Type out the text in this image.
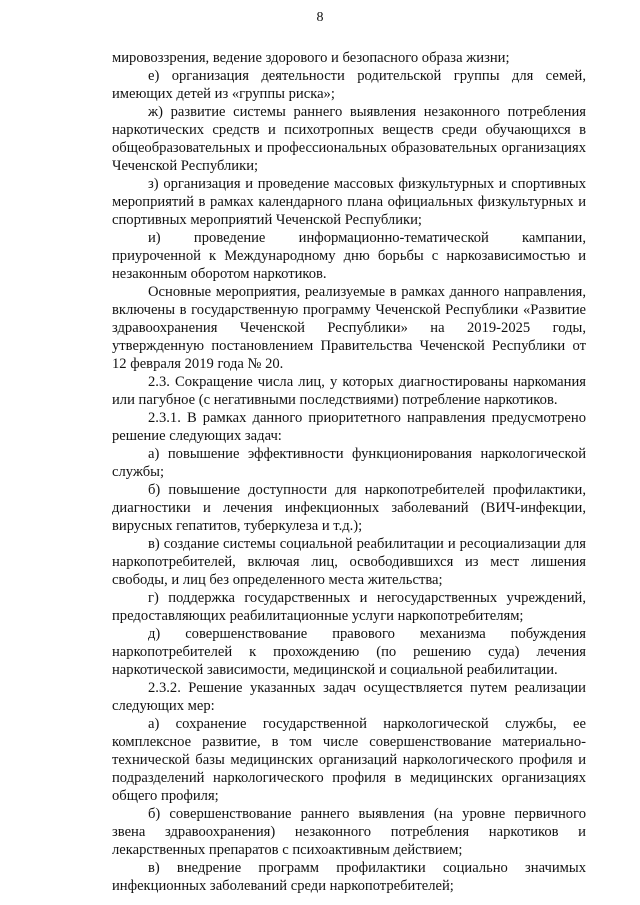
8

мировоззрения, ведение здорового и безопасного образа жизни;

е) организация деятельности родительской группы для семей, имеющих детей из «группы риска»;

ж) развитие системы раннего выявления незаконного потребления наркотических средств и психотропных веществ среди обучающихся в общеобразовательных и профессиональных образовательных организациях Чеченской Республики;

з) организация и проведение массовых физкультурных и спортивных мероприятий в рамках календарного плана официальных физкультурных и спортивных мероприятий Чеченской Республики;

и) проведение информационно-тематической кампании, приуроченной к Международному дню борьбы с наркозависимостью и незаконным оборотом наркотиков.

Основные мероприятия, реализуемые в рамках данного направления, включены в государственную программу Чеченской Республики «Развитие здравоохранения Чеченской Республики» на 2019-2025 годы, утвержденную постановлением Правительства Чеченской Республики от 12 февраля 2019 года № 20.

2.3. Сокращение числа лиц, у которых диагностированы наркомания или пагубное (с негативными последствиями) потребление наркотиков.

2.3.1. В рамках данного приоритетного направления предусмотрено решение следующих задач:

а) повышение эффективности функционирования наркологической службы;

б) повышение доступности для наркопотребителей профилактики, диагностики и лечения инфекционных заболеваний (ВИЧ-инфекции, вирусных гепатитов, туберкулеза и т.д.);

в) создание системы социальной реабилитации и ресоциализации для наркопотребителей, включая лиц, освободившихся из мест лишения свободы, и лиц без определенного места жительства;

г) поддержка государственных и негосударственных учреждений, предоставляющих реабилитационные услуги наркопотребителям;

д) совершенствование правового механизма побуждения наркопотребителей к прохождению (по решению суда) лечения наркотической зависимости, медицинской и социальной реабилитации.

2.3.2. Решение указанных задач осуществляется путем реализации следующих мер:

а) сохранение государственной наркологической службы, ее комплексное развитие, в том числе совершенствование материально-технической базы медицинских организаций наркологического профиля и подразделений наркологического профиля в медицинских организациях общего профиля;

б) совершенствование раннего выявления (на уровне первичного звена здравоохранения) незаконного потребления наркотиков и лекарственных препаратов с психоактивным действием;

в) внедрение программ профилактики социально значимых инфекционных заболеваний среди наркопотребителей;
